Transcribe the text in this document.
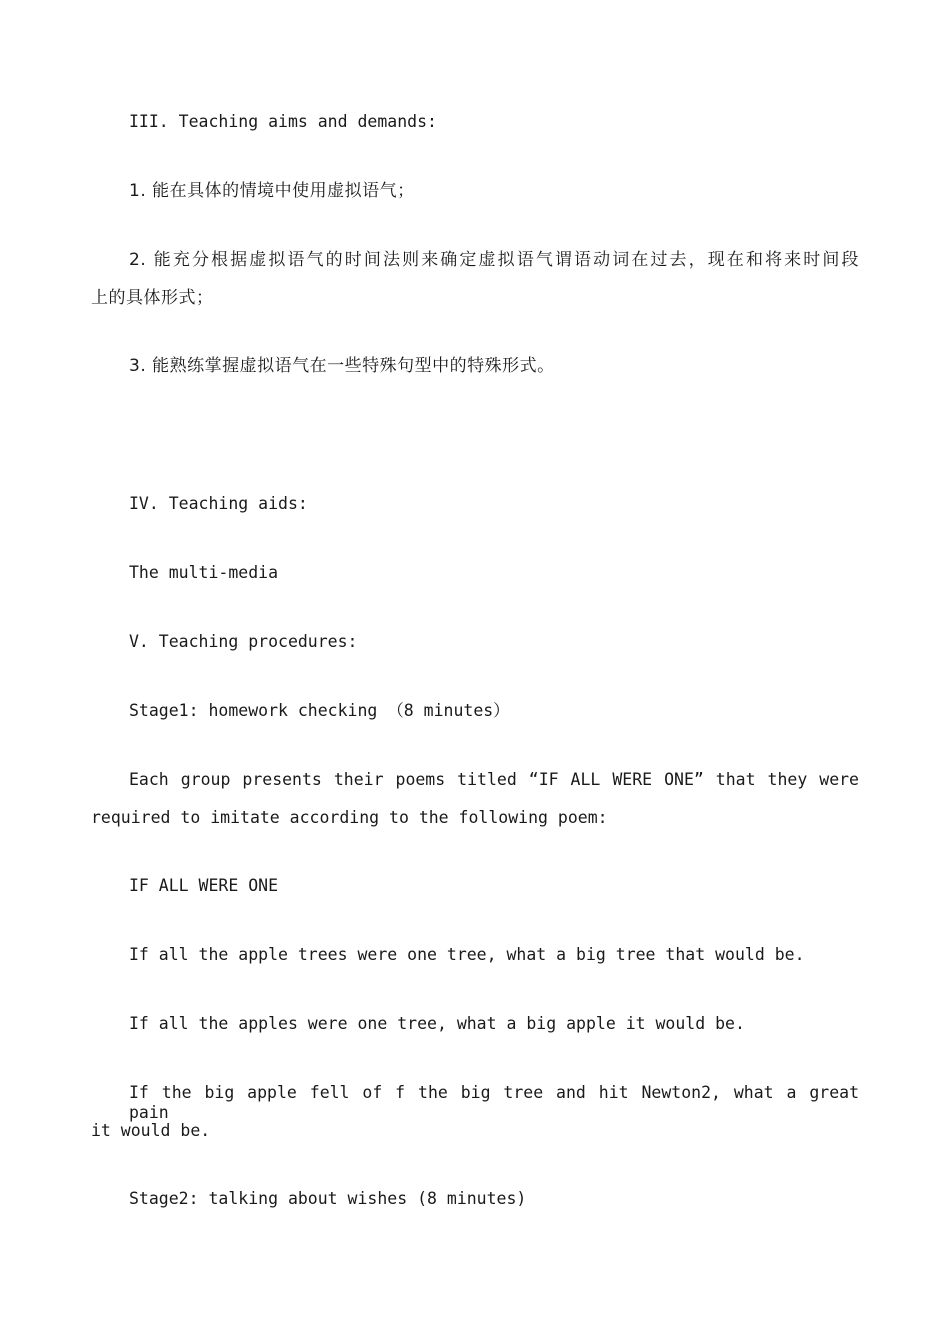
III. Teaching aims and demands:
1. 能在具体的情境中使用虚拟语气；
2. 能充分根据虚拟语气的时间法则来确定虚拟语气谓语动词在过去，现在和将来时间段
上的具体形式；
3. 能熟练掌握虚拟语气在一些特殊句型中的特殊形式。
IV. Teaching aids:
The multi-media
V. Teaching procedures:
Stage1: homework checking （8 minutes）
Each group presents their poems titled “IF ALL WERE ONE” that they were
required to imitate according to the following poem:
IF ALL WERE ONE
If all the apple trees were one tree, what a big tree that would be.
If all the apples were one tree, what a big apple it would be.
If the big apple fell of f the big tree and hit Newton2, what a great pain
it would be.
Stage2: talking about wishes (8 minutes)
